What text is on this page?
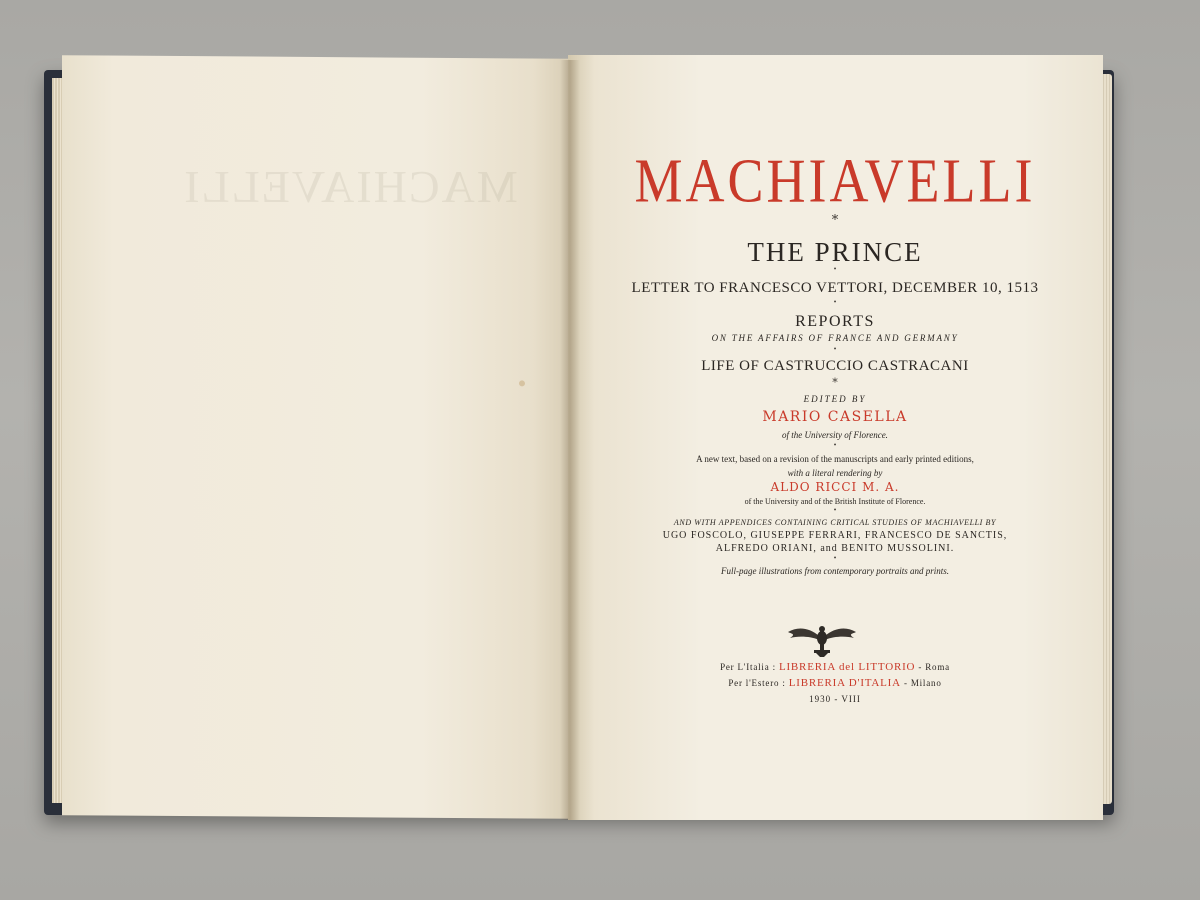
MACHIAVELLI	MACHIAVELLI

*

THE PRINCE

•

LETTER TO FRANCESCO VETTORI, DECEMBER 10, 1513

•

REPORTS

ON THE AFFAIRS OF FRANCE AND GERMANY

•

LIFE OF CASTRUCCIO CASTRACANI

*

EDITED BY

MARIO CASELLA

of the University of Florence.

•

A new text, based on a revision of the manuscripts and early printed editions,

with a literal rendering by

ALDO RICCI M. A.

of the University and of the British Institute of Florence.

•

AND WITH APPENDICES CONTAINING CRITICAL STUDIES OF MACHIAVELLI BY

UGO FOSCOLO, GIUSEPPE FERRARI, FRANCESCO DE SANCTIS,

ALFREDO ORIANI, and BENITO MUSSOLINI.

•

Full-page illustrations from contemporary portraits and prints.

Per L'Italia : LIBRERIA del LITTORIO - Roma

Per l'Estero : LIBRERIA D'ITALIA - Milano

1930 - VIII
